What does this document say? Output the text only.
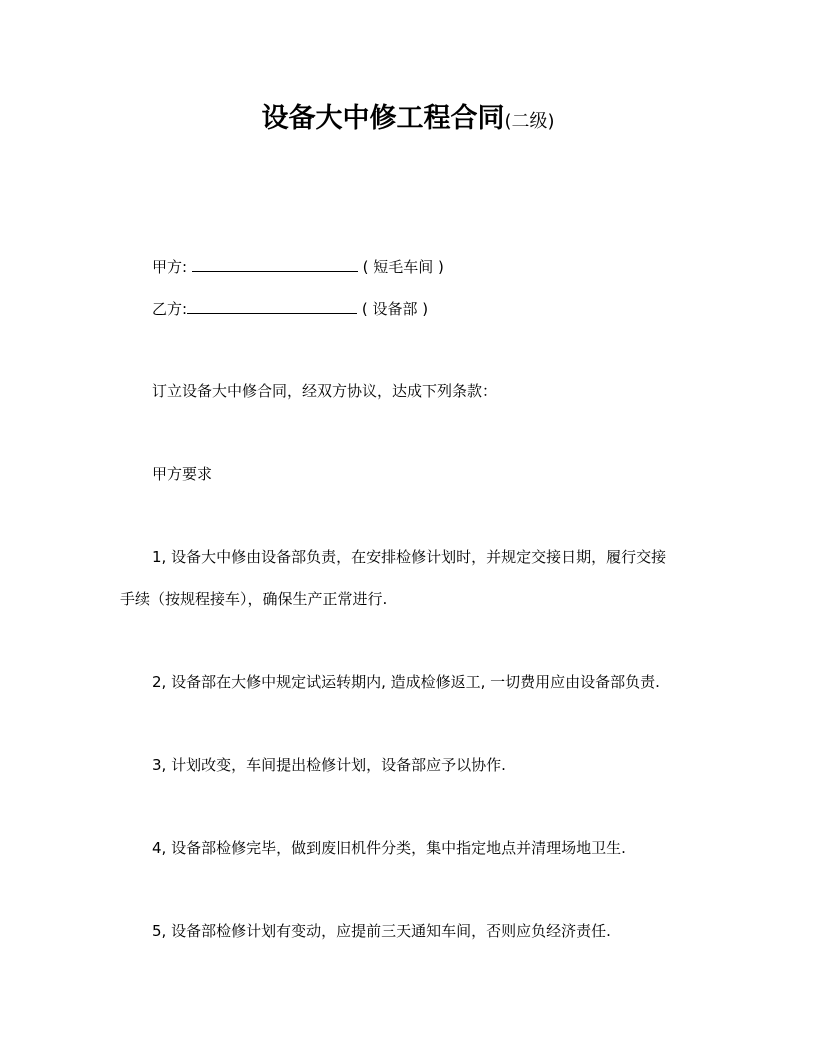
设备大中修工程合同(二级)
甲方:	( 短毛车间 )
乙方:	( 设备部 )
订立设备大中修合同，经双方协议，达成下列条款：
甲方要求
1, 设备大中修由设备部负责，在安排检修计划时，并规定交接日期，履行交接
手续（按规程接车），确保生产正常进行.
2, 设备部在大修中规定试运转期内, 造成检修返工, 一切费用应由设备部负责.
3, 计划改变，车间提出检修计划，设备部应予以协作.
4, 设备部检修完毕，做到废旧机件分类，集中指定地点并清理场地卫生.
5, 设备部检修计划有变动，应提前三天通知车间，否则应负经济责任.
